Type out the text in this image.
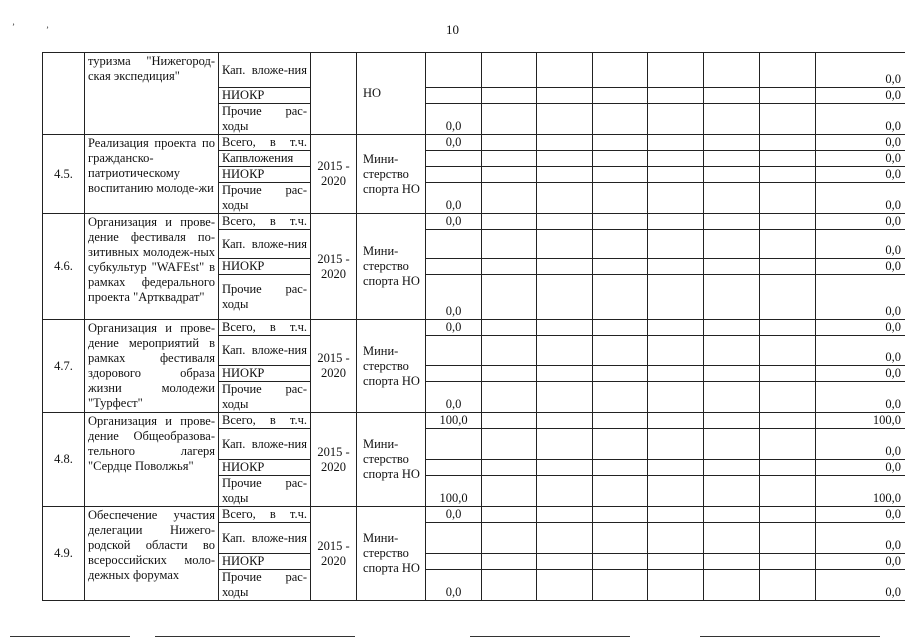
10
’	’
	туризма "Нижегород-ская экспедиция"	Кап. вложе-ния		НО								0,0

		НИОКР										0,0

		Прочие рас-ходы			0,0							0,0
4.5.	Реализация проекта по гражданско-патриотическому воспитанию молоде-жи	Всего, в т.ч.	2015 - 2020	Мини-стерство спорта НО	0,0							0,0

		Капвложения										0,0

		НИОКР										0,0

		Прочие рас-ходы			0,0							0,0
4.6.	Организация и прове-дение фестиваля по-зитивных молодеж-ных субкультур "WAFEst" в рамках федерального проекта "Артквадрат"	Всего, в т.ч.	2015 - 2020	Мини-стерство спорта НО	0,0							0,0

		Кап. вложе-ния										0,0

		НИОКР										0,0

		Прочие рас-ходы			0,0							0,0
4.7.	Организация и прове-дение мероприятий в рамках фестиваля здорового образа жизни молодежи "Турфест"	Всего, в т.ч.	2015 - 2020	Мини-стерство спорта НО	0,0							0,0

		Кап. вложе-ния										0,0

		НИОКР										0,0

		Прочие рас-ходы			0,0							0,0
4.8.	Организация и прове-дение Общеобразова-тельного лагеря "Сердце Поволжья"	Всего, в т.ч.	2015 - 2020	Мини-стерство спорта НО	100,0							100,0

		Кап. вложе-ния										0,0

		НИОКР										0,0

		Прочие рас-ходы			100,0							100,0
4.9.	Обеспечение участия делегации Нижего-родской области во всероссийских моло-дежных форумах	Всего, в т.ч.	2015 - 2020	Мини-стерство спорта НО	0,0							0,0

		Кап. вложе-ния										0,0

		НИОКР										0,0

		Прочие рас-ходы			0,0							0,0
